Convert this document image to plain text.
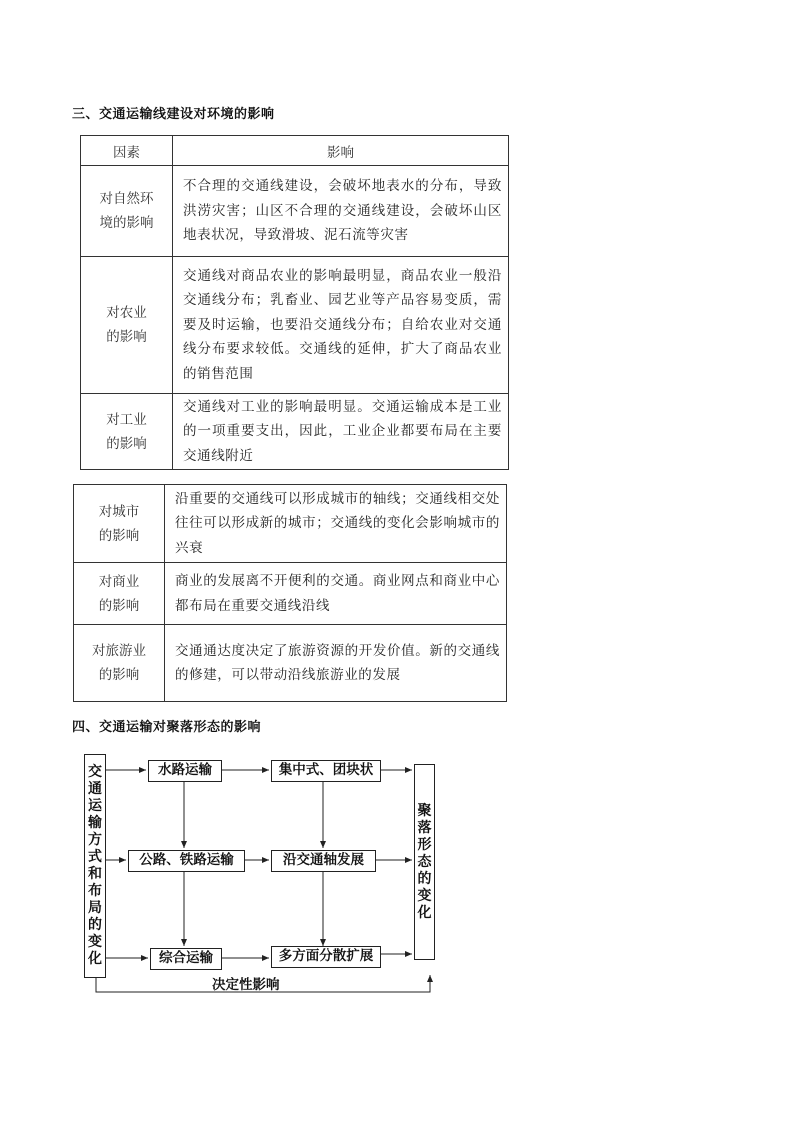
三、交通运输线建设对环境的影响
因素	影响

对自然环
境的影响	不合理的交通线建设，会破坏地表水的分布，导致洪涝灾害；山区不合理的交通线建设，会破坏山区地表状况，导致滑坡、泥石流等灾害

对农业
的影响	交通线对商品农业的影响最明显，商品农业一般沿交通线分布；乳畜业、园艺业等产品容易变质，需要及时运输，也要沿交通线分布；自给农业对交通线分布要求较低。交通线的延伸，扩大了商品农业的销售范围

对工业
的影响	交通线对工业的影响最明显。交通运输成本是工业的一项重要支出，因此，工业企业都要布局在主要交通线附近
对城市
的影响	沿重要的交通线可以形成城市的轴线；交通线相交处往往可以形成新的城市；交通线的变化会影响城市的兴衰

对商业
的影响	商业的发展离不开便利的交通。商业网点和商业中心都布局在重要交通线沿线

对旅游业
的影响	交通通达度决定了旅游资源的开发价值。新的交通线的修建，可以带动沿线旅游业的发展
四、交通运输对聚落形态的影响
交
通
运
输
方
式
和
布
局
的
变
化
水路运输
公路、铁路运输
综合运输
集中式、团块状
沿交通轴发展
多方面分散扩展
聚
落
形
态
的
变
化
决定性影响
